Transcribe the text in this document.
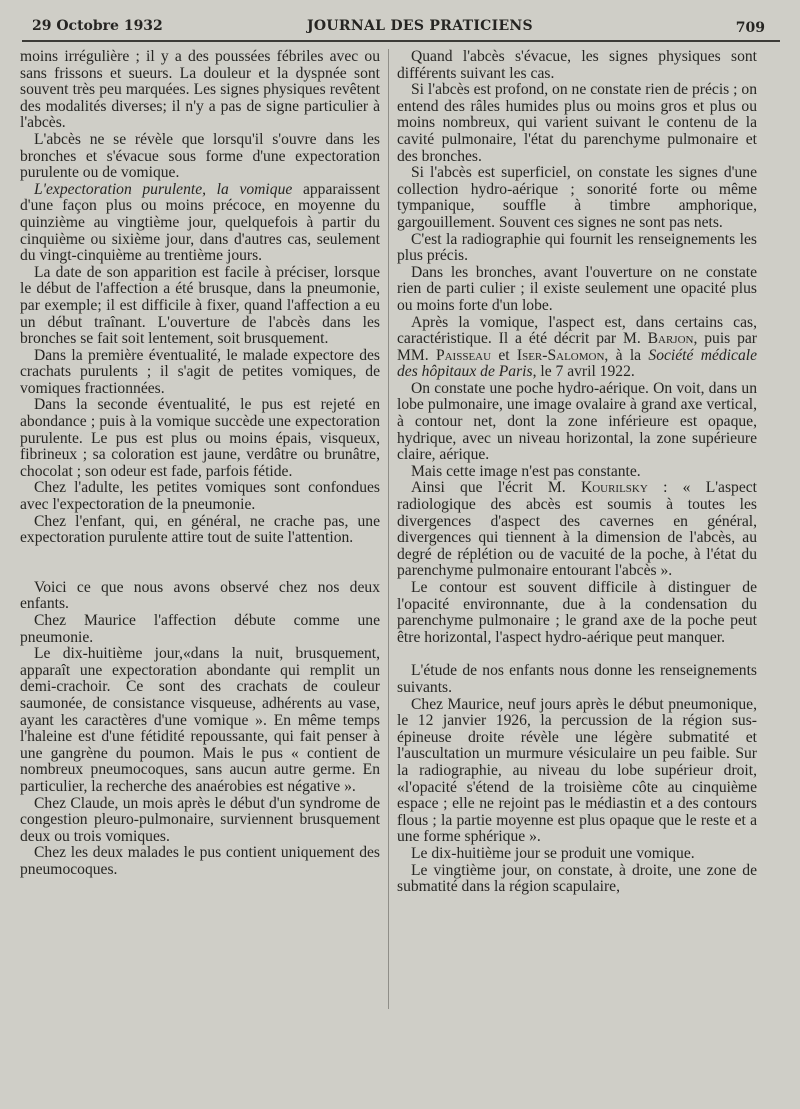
29 Octobre 1932	JOURNAL DES PRATICIENS	709

moins irrégulière ; il y a des poussées fébriles avec ou sans frissons et sueurs. La douleur et la dyspnée sont souvent très peu marquées. Les signes physiques revêtent des modalités diverses; il n'y a pas de signe particulier à l'abcès.

L'abcès ne se révèle que lorsqu'il s'ouvre dans les bronches et s'évacue sous forme d'une expectoration purulente ou de vomique.

L'expectoration purulente, la vomique apparaissent d'une façon plus ou moins précoce, en moyenne du quinzième au vingtième jour, quelquefois à partir du cinquième ou sixième jour, dans d'autres cas, seulement du vingt-cinquième au trentième jours.

La date de son apparition est facile à préciser, lorsque le début de l'affection a été brusque, dans la pneumonie, par exemple; il est difficile à fixer, quand l'affection a eu un début traînant. L'ouverture de l'abcès dans les bronches se fait soit lentement, soit brusquement.

Dans la première éventualité, le malade expectore des crachats purulents ; il s'agit de petites vomiques, de vomiques fractionnées.

Dans la seconde éventualité, le pus est rejeté en abondance ; puis à la vomique succède une expectoration purulente. Le pus est plus ou moins épais, visqueux, fibrineux ; sa coloration est jaune, verdâtre ou brunâtre, chocolat ; son odeur est fade, parfois fétide.

Chez l'adulte, les petites vomiques sont confondues avec l'expectoration de la pneumonie.

Chez l'enfant, qui, en général, ne crache pas, une expectoration purulente attire tout de suite l'attention.

Voici ce que nous avons observé chez nos deux enfants.

Chez Maurice l'affection débute comme une pneumonie.

Le dix-huitième jour,«dans la nuit, brusquement, apparaît une expectoration abondante qui remplit un demi-crachoir. Ce sont des crachats de couleur saumonée, de consistance visqueuse, adhérents au vase, ayant les caractères d'une vomique ». En même temps l'haleine est d'une fétidité repoussante, qui fait penser à une gangrène du poumon. Mais le pus « contient de nombreux pneumocoques, sans aucun autre germe. En particulier, la recherche des anaérobies est négative ».

Chez Claude, un mois après le début d'un syndrome de congestion pleuro-pulmonaire, surviennent brusquement deux ou trois vomiques.

Chez les deux malades le pus contient uniquement des pneumocoques.

Quand l'abcès s'évacue, les signes physiques sont différents suivant les cas.

Si l'abcès est profond, on ne constate rien de précis ; on entend des râles humides plus ou moins gros et plus ou moins nombreux, qui varient suivant le contenu de la cavité pulmonaire, l'état du parenchyme pulmonaire et des bronches.

Si l'abcès est superficiel, on constate les signes d'une collection hydro-aérique ; sonorité forte ou même tympanique, souffle à timbre amphorique, gargouillement. Souvent ces signes ne sont pas nets.

C'est la radiographie qui fournit les renseignements les plus précis.

Dans les bronches, avant l'ouverture on ne constate rien de parti culier ; il existe seulement une opacité plus ou moins forte d'un lobe.

Après la vomique, l'aspect est, dans certains cas, caractéristique. Il a été décrit par M. Barjon, puis par MM. Paisseau et Iser-Salomon, à la Société médicale des hôpitaux de Paris, le 7 avril 1922.

On constate une poche hydro-aérique. On voit, dans un lobe pulmonaire, une image ovalaire à grand axe vertical, à contour net, dont la zone inférieure est opaque, hydrique, avec un niveau horizontal, la zone supérieure claire, aérique.

Mais cette image n'est pas constante.

Ainsi que l'écrit M. Kourilsky : « L'aspect radiologique des abcès est soumis à toutes les divergences d'aspect des cavernes en général, divergences qui tiennent à la dimension de l'abcès, au degré de réplétion ou de vacuité de la poche, à l'état du parenchyme pulmonaire entourant l'abcès ».

Le contour est souvent difficile à distinguer de l'opacité environnante, due à la condensation du parenchyme pulmonaire ; le grand axe de la poche peut être horizontal, l'aspect hydro-aérique peut manquer.

L'étude de nos enfants nous donne les renseignements suivants.

Chez Maurice, neuf jours après le début pneumonique, le 12 janvier 1926, la percussion de la région sus-épineuse droite révèle une légère submatité et l'auscultation un murmure vésiculaire un peu faible. Sur la radiographie, au niveau du lobe supérieur droit, «l'opacité s'étend de la troisième côte au cinquième espace ; elle ne rejoint pas le médiastin et a des contours flous ; la partie moyenne est plus opaque que le reste et a une forme sphérique ».

Le dix-huitième jour se produit une vomique.

Le vingtième jour, on constate, à droite, une zone de submatité dans la région scapulaire,
